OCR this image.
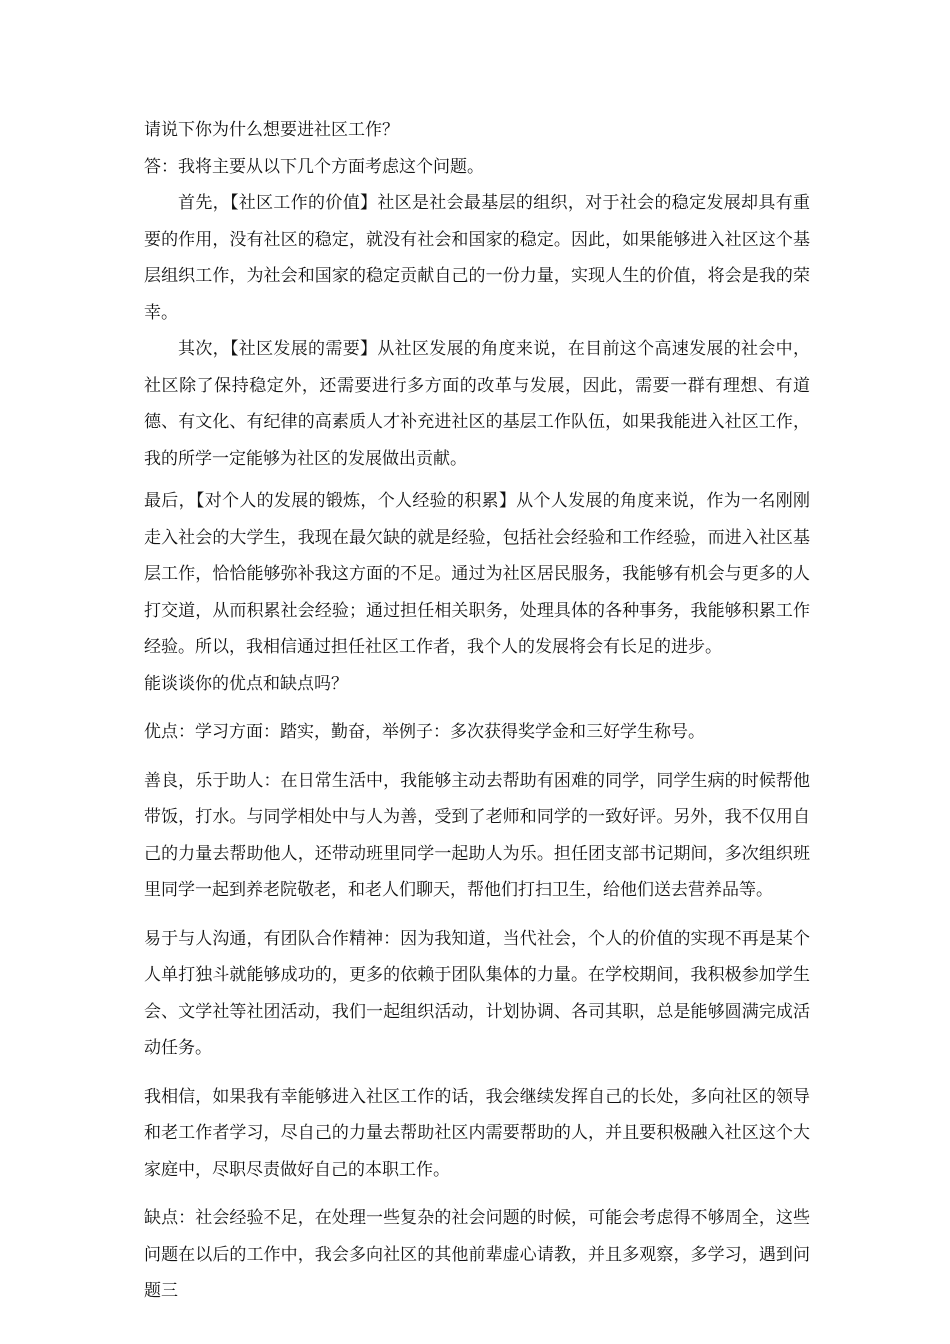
请说下你为什么想要进社区工作？

答：我将主要从以下几个方面考虑这个问题。

首先，【社区工作的价值】社区是社会最基层的组织，对于社会的稳定发展却具有重要的作用，没有社区的稳定，就没有社会和国家的稳定。因此，如果能够进入社区这个基层组织工作，为社会和国家的稳定贡献自己的一份力量，实现人生的价值，将会是我的荣幸。

其次，【社区发展的需要】从社区发展的角度来说，在目前这个高速发展的社会中，社区除了保持稳定外，还需要进行多方面的改革与发展，因此，需要一群有理想、有道德、有文化、有纪律的高素质人才补充进社区的基层工作队伍，如果我能进入社区工作，我的所学一定能够为社区的发展做出贡献。

最后，【对个人的发展的锻炼，个人经验的积累】从个人发展的角度来说，作为一名刚刚走入社会的大学生，我现在最欠缺的就是经验，包括社会经验和工作经验，而进入社区基层工作，恰恰能够弥补我这方面的不足。通过为社区居民服务，我能够有机会与更多的人打交道，从而积累社会经验；通过担任相关职务，处理具体的各种事务，我能够积累工作经验。所以，我相信通过担任社区工作者，我个人的发展将会有长足的进步。

能谈谈你的优点和缺点吗？

优点：学习方面：踏实，勤奋，举例子：多次获得奖学金和三好学生称号。

善良，乐于助人：在日常生活中，我能够主动去帮助有困难的同学，同学生病的时候帮他带饭，打水。与同学相处中与人为善，受到了老师和同学的一致好评。另外，我不仅用自己的力量去帮助他人，还带动班里同学一起助人为乐。担任团支部书记期间，多次组织班里同学一起到养老院敬老，和老人们聊天，帮他们打扫卫生，给他们送去营养品等。

易于与人沟通，有团队合作精神：因为我知道，当代社会，个人的价值的实现不再是某个人单打独斗就能够成功的，更多的依赖于团队集体的力量。在学校期间，我积极参加学生会、文学社等社团活动，我们一起组织活动，计划协调、各司其职，总是能够圆满完成活动任务。

我相信，如果我有幸能够进入社区工作的话，我会继续发挥自己的长处，多向社区的领导和老工作者学习，尽自己的力量去帮助社区内需要帮助的人，并且要积极融入社区这个大家庭中，尽职尽责做好自己的本职工作。

缺点：社会经验不足，在处理一些复杂的社会问题的时候，可能会考虑得不够周全，这些问题在以后的工作中，我会多向社区的其他前辈虚心请教，并且多观察，多学习，遇到问题三
